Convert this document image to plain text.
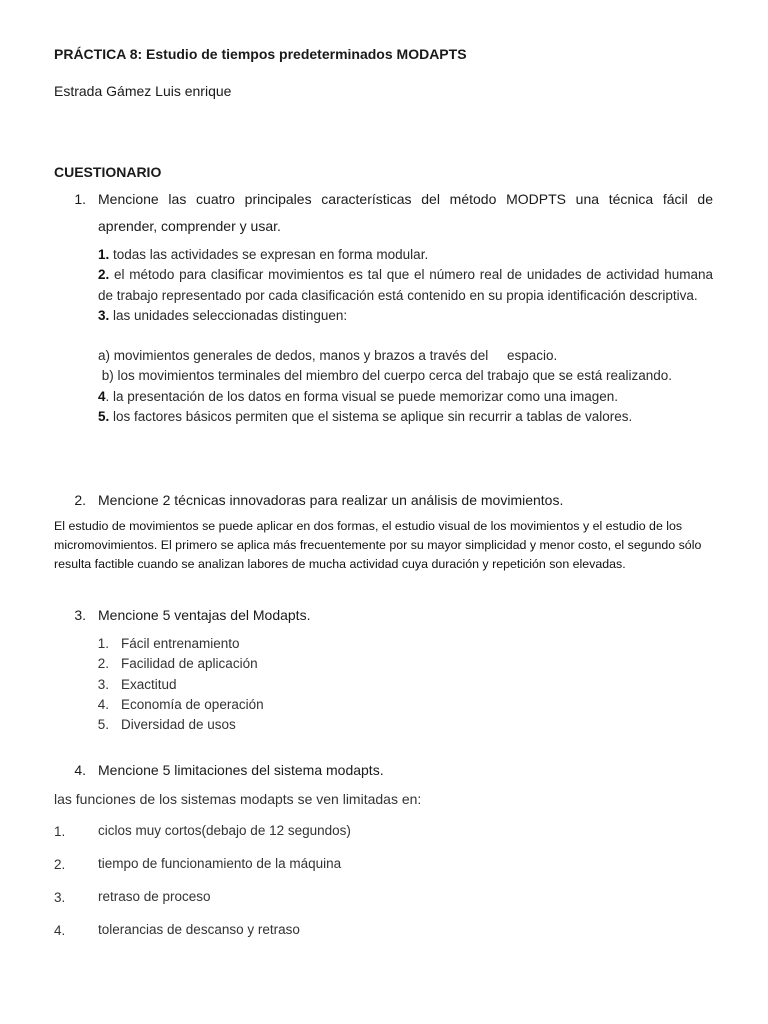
PRÁCTICA 8: Estudio de tiempos predeterminados MODAPTS
Estrada Gámez Luis enrique
CUESTIONARIO
1. Mencione las cuatro principales características del método MODPTS una técnica fácil de
aprender, comprender y usar.
1. todas las actividades se expresan en forma modular.
2. el método para clasificar movimientos es tal que el número real de unidades de actividad humana de trabajo representado por cada clasificación está contenido en su propia identificación descriptiva.
3. las unidades seleccionadas distinguen:
a) movimientos generales de dedos, manos y brazos a través del     espacio.
b) los movimientos terminales del miembro del cuerpo cerca del trabajo que se está realizando.
4. la presentación de los datos en forma visual se puede memorizar como una imagen.
5. los factores básicos permiten que el sistema se aplique sin recurrir a tablas de valores.
2. Mencione 2 técnicas innovadoras para realizar un análisis de movimientos.
El estudio de movimientos se puede aplicar en dos formas, el estudio visual de los movimientos y el estudio de los micromovimientos. El primero se aplica más frecuentemente por su mayor simplicidad y menor costo, el segundo sólo resulta factible cuando se analizan labores de mucha actividad cuya duración y repetición son elevadas.
3. Mencione 5 ventajas del Modapts.
1. Fácil entrenamiento
2. Facilidad de aplicación
3. Exactitud
4. Economía de operación
5. Diversidad de usos
4. Mencione 5 limitaciones del sistema modapts.
las funciones de los sistemas modapts se ven limitadas en:
1. ciclos muy cortos(debajo de 12 segundos)
2. tiempo de funcionamiento de la máquina
3. retraso de proceso
4. tolerancias de descanso y retraso
